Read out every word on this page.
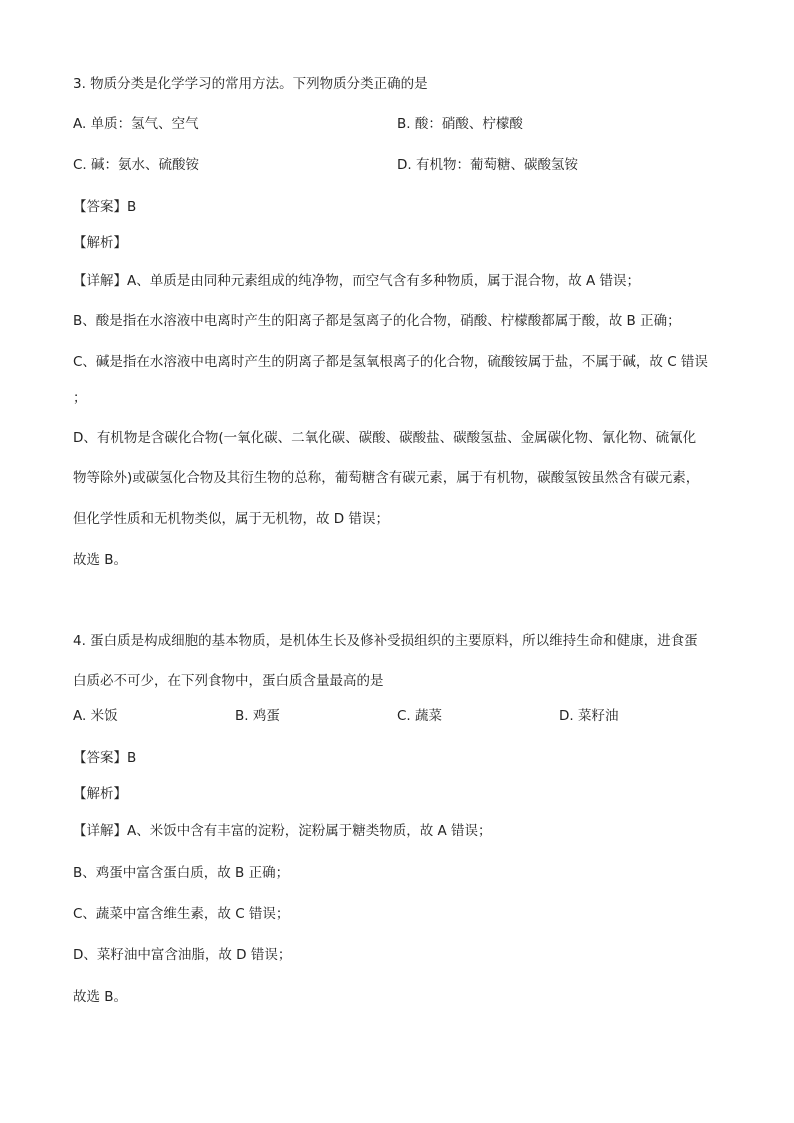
3. 物质分类是化学学习的常用方法。下列物质分类正确的是
A. 单质：氢气、空气	B. 酸：硝酸、柠檬酸
C. 碱：氨水、硫酸铵	D. 有机物：葡萄糖、碳酸氢铵
【答案】B
【解析】
【详解】A、单质是由同种元素组成的纯净物，而空气含有多种物质，属于混合物，故 A 错误；
B、酸是指在水溶液中电离时产生的阳离子都是氢离子的化合物，硝酸、柠檬酸都属于酸，故 B 正确；
C、碱是指在水溶液中电离时产生的阴离子都是氢氧根离子的化合物，硫酸铵属于盐，不属于碱，故 C 错误
；
D、有机物是含碳化合物(一氧化碳、二氧化碳、碳酸、碳酸盐、碳酸氢盐、金属碳化物、氰化物、硫氰化
物等除外)或碳氢化合物及其衍生物的总称，葡萄糖含有碳元素，属于有机物，碳酸氢铵虽然含有碳元素，
但化学性质和无机物类似，属于无机物，故 D 错误；
故选 B。
4. 蛋白质是构成细胞的基本物质，是机体生长及修补受损组织的主要原料，所以维持生命和健康，进食蛋
白质必不可少，在下列食物中，蛋白质含量最高的是
A. 米饭	B. 鸡蛋	C. 蔬菜	D. 菜籽油
【答案】B
【解析】
【详解】A、米饭中含有丰富的淀粉，淀粉属于糖类物质，故 A 错误；
B、鸡蛋中富含蛋白质，故 B 正确；
C、蔬菜中富含维生素，故 C 错误；
D、菜籽油中富含油脂，故 D 错误；
故选 B。
